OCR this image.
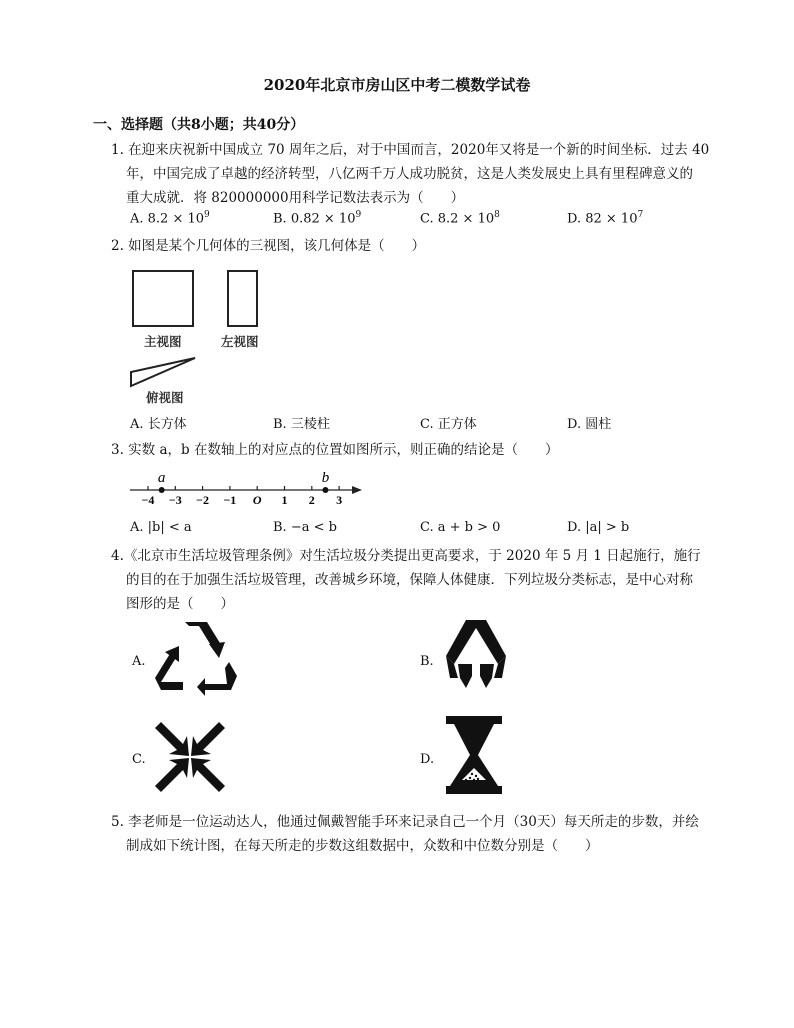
2020年北京市房山区中考二模数学试卷
一、选择题（共8小题；共40分）
1. 在迎来庆祝新中国成立 70 周年之后，对于中国而言，2020年又将是一个新的时间坐标．过去 40
年，中国完成了卓越的经济转型，八亿两千万人成功脱贫，这是人类发展史上具有里程碑意义的
重大成就．将 820000000用科学记数法表示为（　　）
A. $8.2 \times 10^9$	B. $0.82 \times 10^9$	C. $8.2 \times 10^8$	D. $82 \times 10^7$
2. 如图是某个几何体的三视图，该几何体是（　　）
主视图	左视图
俯视图
A. 长方体	B. 三棱柱	C. 正方体	D. 圆柱
3. 实数 a，b 在数轴上的对应点的位置如图所示，则正确的结论是（　　）
−4 −3 −2 −1 O 1 2 3
a	b
A. |b| < a	B. −a < b	C. a + b > 0	D. |a| > b
4.《北京市生活垃圾管理条例》对生活垃圾分类提出更高要求，于 2020 年 5 月 1 日起施行，施行
的目的在于加强生活垃圾管理，改善城乡环境，保障人体健康．下列垃圾分类标志，是中心对称
图形的是（　　）
A.	B.
C.	D.
5. 李老师是一位运动达人，他通过佩戴智能手环来记录自己一个月（30天）每天所走的步数，并绘
制成如下统计图，在每天所走的步数这组数据中，众数和中位数分别是（　　）
